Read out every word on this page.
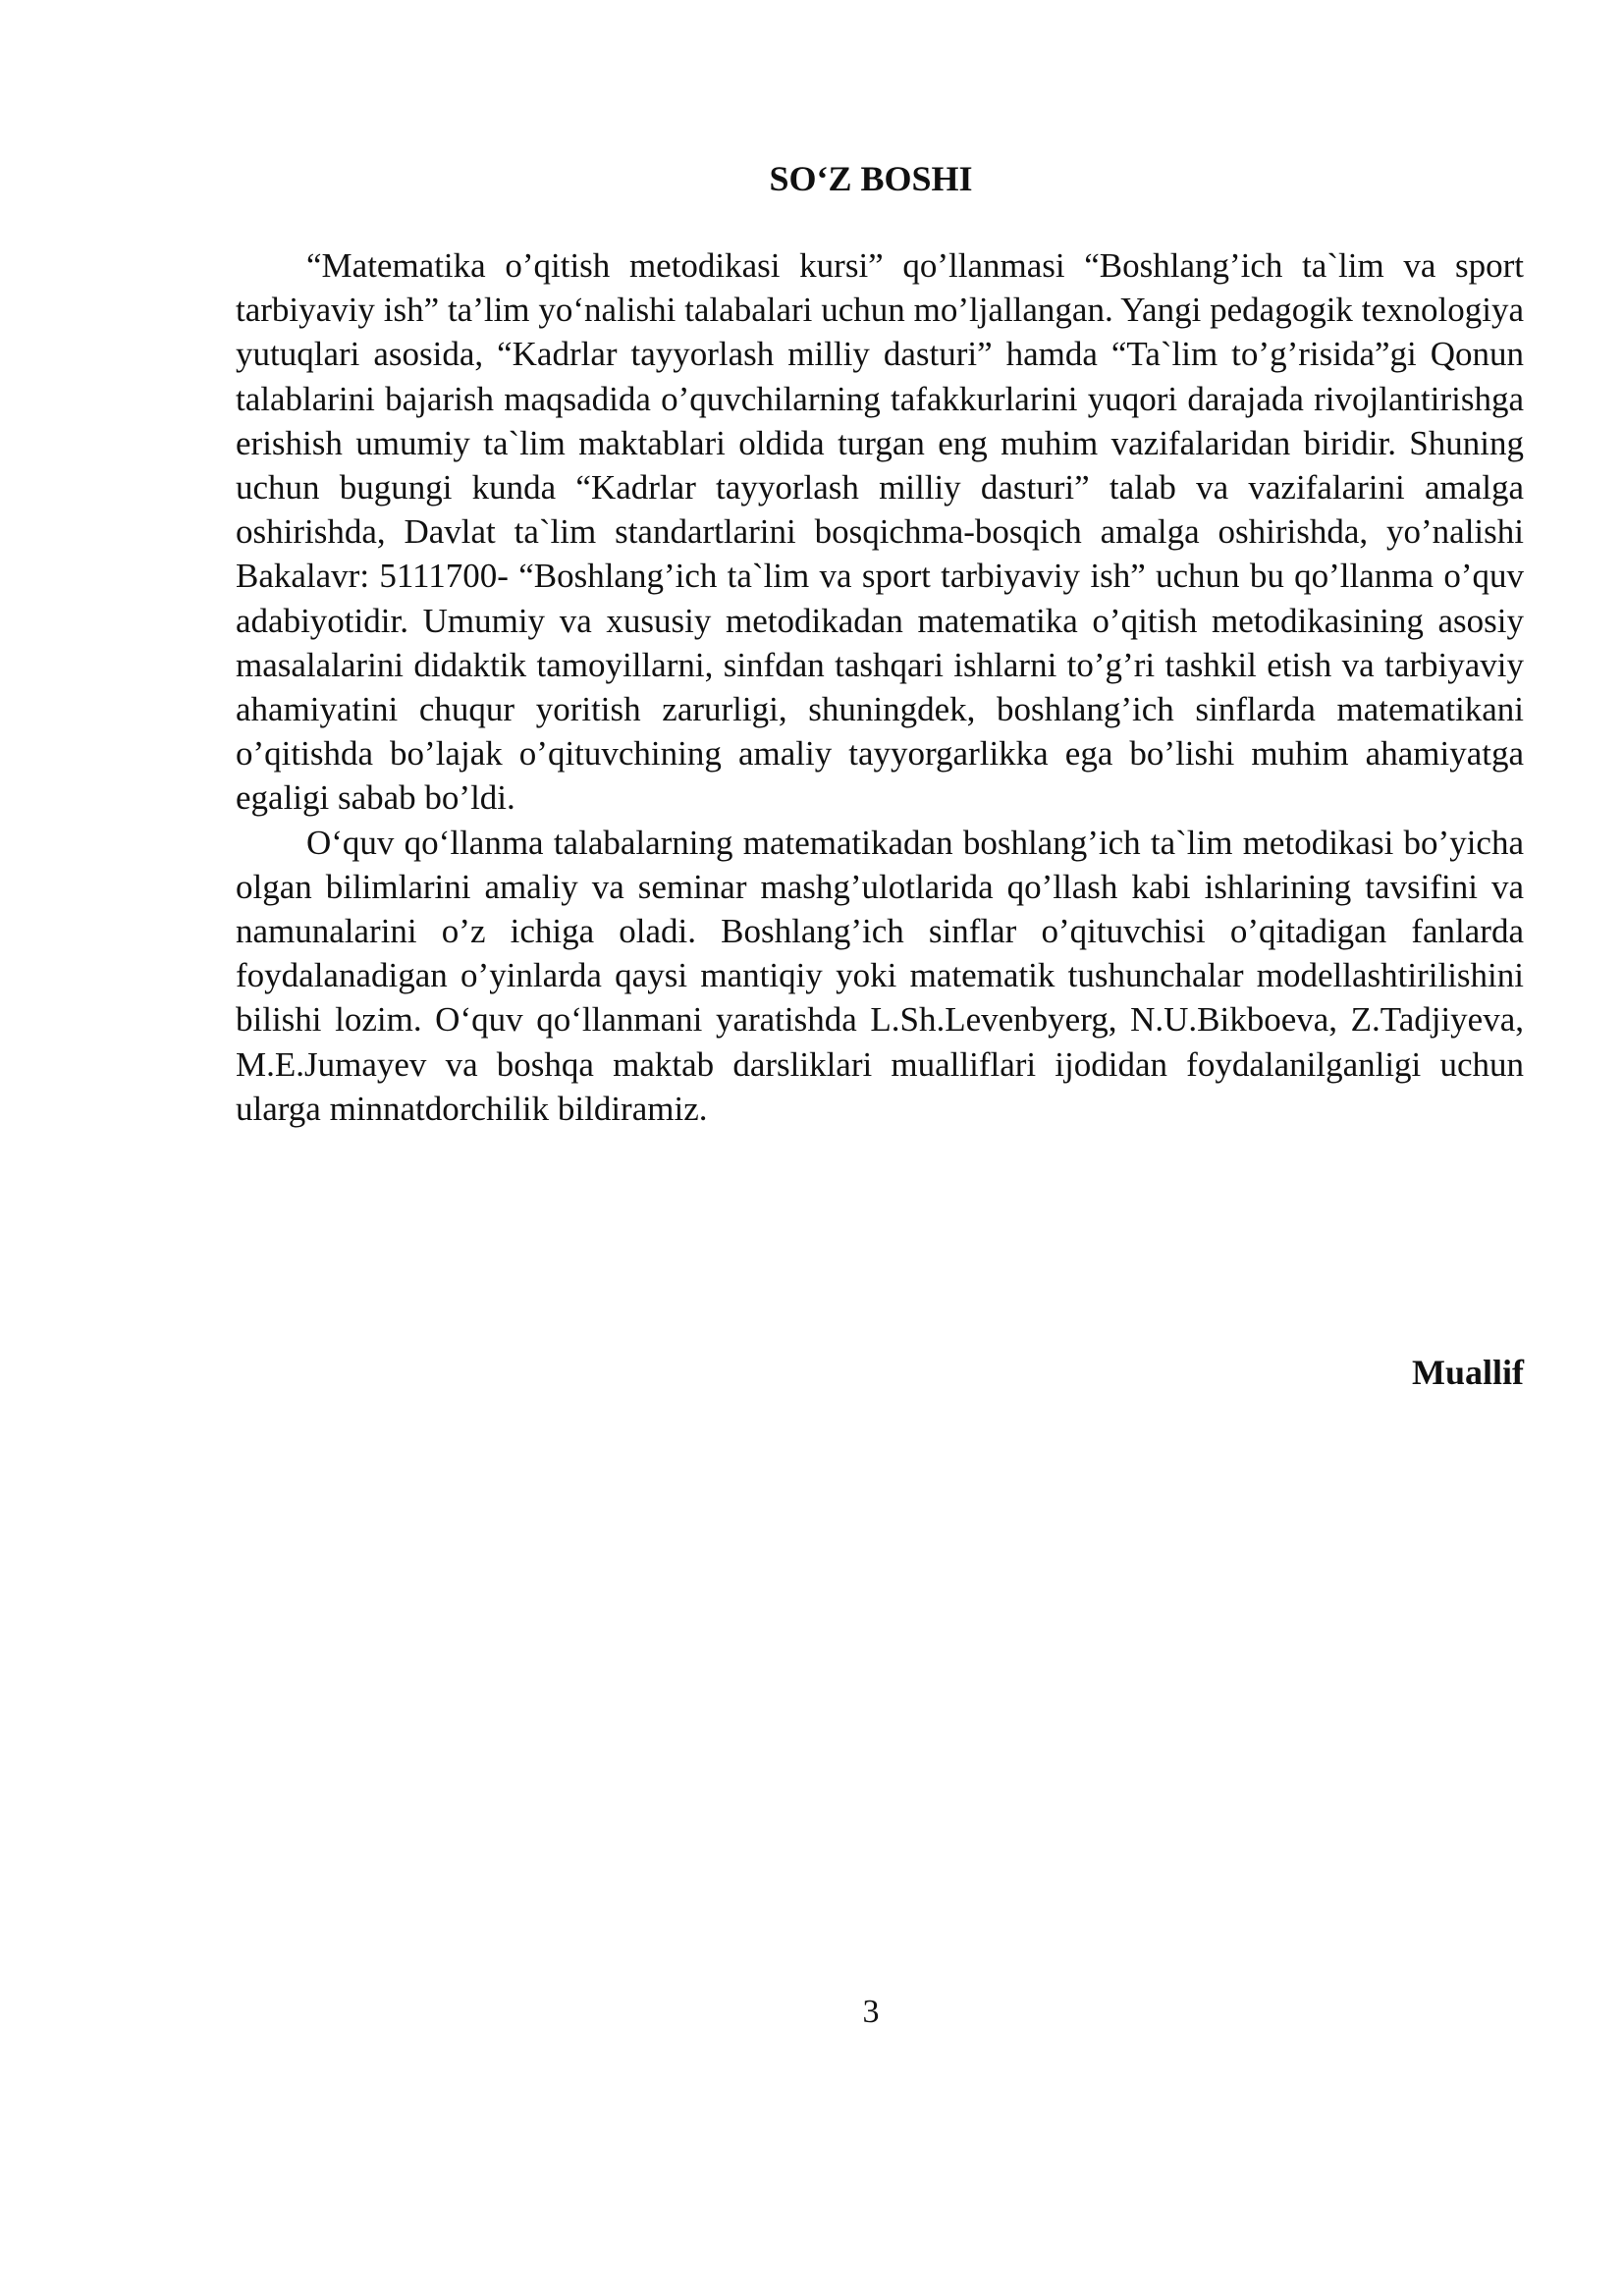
SO‘Z BOSHI

“Matematika o’qitish metodikasi kursi” qo’llanmasi “Boshlang’ich ta`lim va sport tarbiyaviy ish” ta’lim yo‘nalishi talabalari uchun mo’ljallangan. Yangi pedagogik texnologiya yutuqlari asosida, “Kadrlar tayyorlash milliy dasturi” hamda “Ta`lim to’g’risida”gi Qonun talablarini bajarish maqsadida o’quvchilarning tafakkurlarini yuqori darajada rivojlantirishga erishish umumiy ta`lim maktablari oldida turgan eng muhim vazifalaridan biridir. Shuning uchun bugungi kunda “Kadrlar tayyorlash milliy dasturi” talab va vazifalarini amalga oshirishda, Davlat ta`lim standartlarini bosqichma-bosqich amalga oshirishda, yo’nalishi Bakalavr: 5111700- “Boshlang’ich ta`lim va sport tarbiyaviy ish” uchun bu qo’llanma o’quv adabiyotidir. Umumiy va xususiy metodikadan matematika o’qitish metodikasining asosiy masalalarini didaktik tamoyillarni, sinfdan tashqari ishlarni to’g’ri tashkil etish va tarbiyaviy ahamiyatini chuqur yoritish zarurligi, shuningdek, boshlang’ich sinflarda matematikani o’qitishda bo’lajak o’qituvchining amaliy tayyorgarlikka ega bo’lishi muhim ahamiyatga egaligi sabab bo’ldi.

O‘quv qo‘llanma talabalarning matematikadan boshlang’ich ta`lim metodikasi bo’yicha olgan bilimlarini amaliy va seminar mashg’ulotlarida qo’llash kabi ishlarining tavsifini va namunalarini o’z ichiga oladi. Boshlang’ich sinflar o’qituvchisi o’qitadigan fanlarda foydalanadigan o’yinlarda qaysi mantiqiy yoki matematik tushunchalar modellashtirilishini bilishi lozim. O‘quv qo‘llanmani yaratishda L.Sh.Levenbyerg, N.U.Bikboeva, Z.Tadjiyeva, M.E.Jumayev va boshqa maktab darsliklari mualliflari ijodidan foydalanilganligi uchun ularga minnatdorchilik bildiramiz.

Muallif
3
